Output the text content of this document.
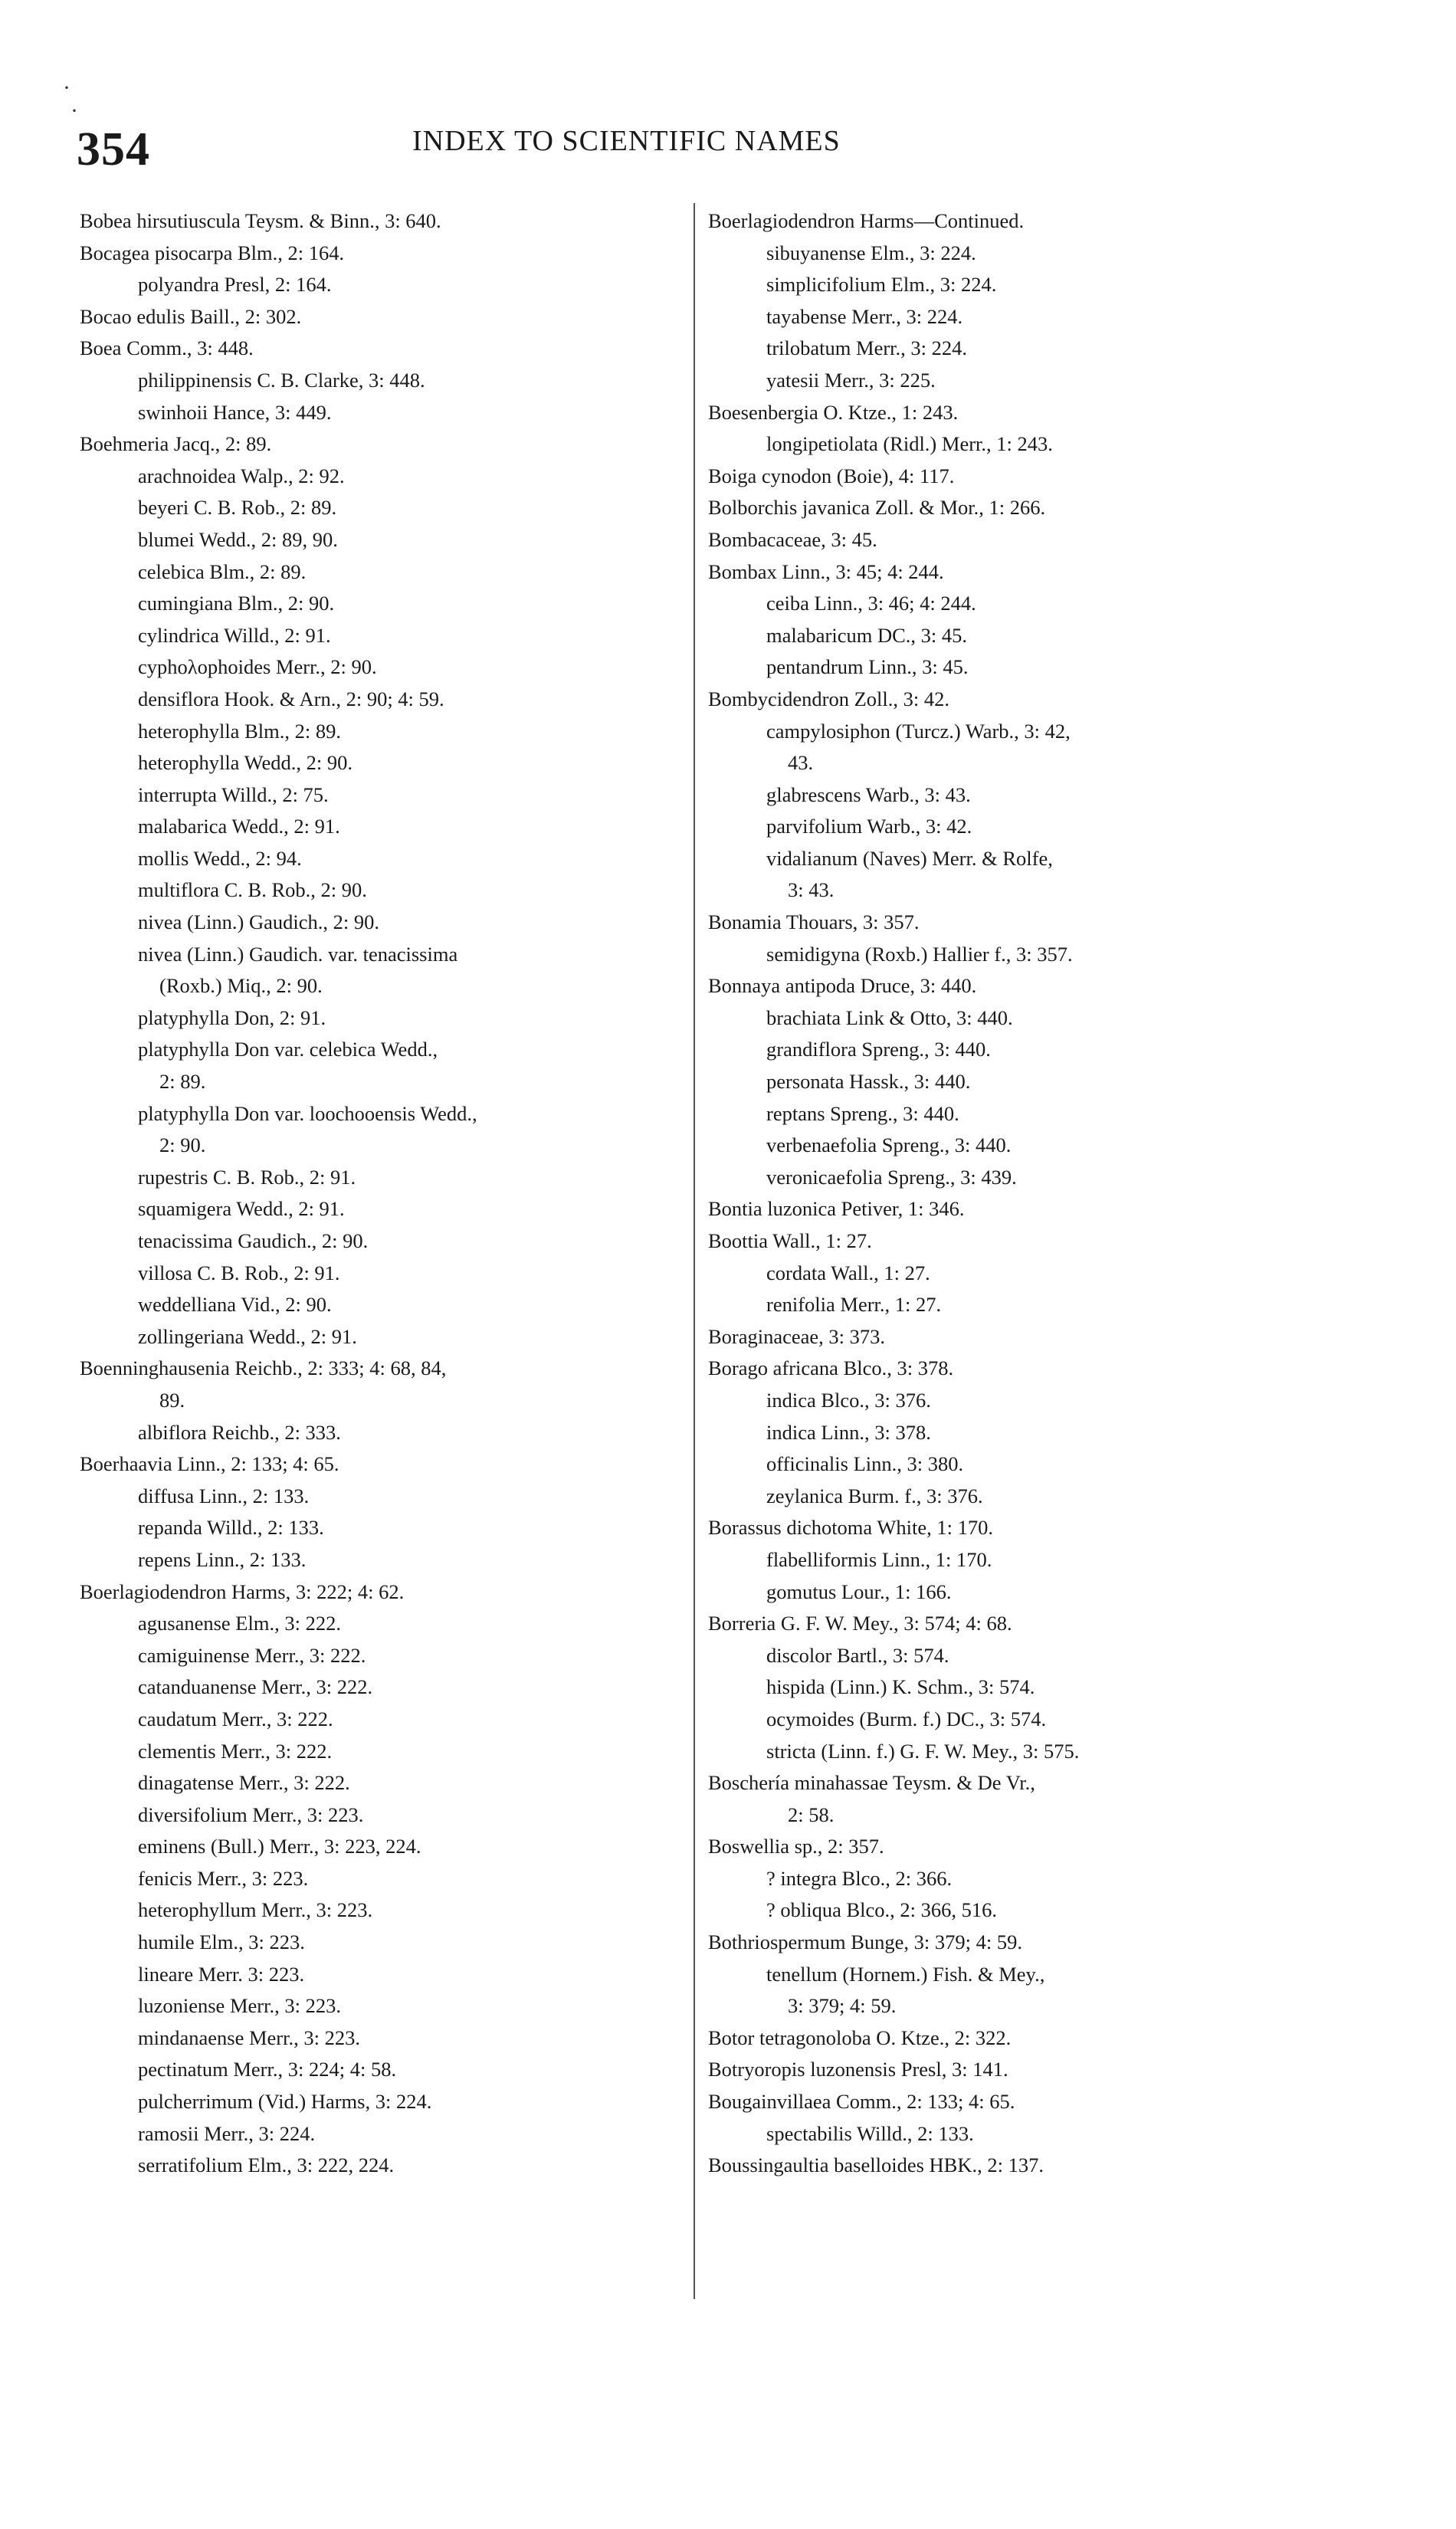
354	INDEX TO SCIENTIFIC NAMES
·
·
Bobea hirsutiuscula Teysm. & Binn., 3: 640.
Bocagea pisocarpa Blm., 2: 164.
polyandra Presl, 2: 164.
Bocao edulis Baill., 2: 302.
Boea Comm., 3: 448.
philippinensis C. B. Clarke, 3: 448.
swinhoii Hance, 3: 449.
Boehmeria Jacq., 2: 89.
arachnoidea Walp., 2: 92.
beyeri C. B. Rob., 2: 89.
blumei Wedd., 2: 89, 90.
celebica Blm., 2: 89.
cumingiana Blm., 2: 90.
cylindrica Willd., 2: 91.
cyphολophoides Merr., 2: 90.
densiflora Hook. & Arn., 2: 90; 4: 59.
heterophylla Blm., 2: 89.
heterophylla Wedd., 2: 90.
interrupta Willd., 2: 75.
malabarica Wedd., 2: 91.
mollis Wedd., 2: 94.
multiflora C. B. Rob., 2: 90.
nivea (Linn.) Gaudich., 2: 90.
nivea (Linn.) Gaudich. var. tenacissima
(Roxb.) Miq., 2: 90.
platyphylla Don, 2: 91.
platyphylla Don var. celebica Wedd.,
2: 89.
platyphylla Don var. loochooensis Wedd.,
2: 90.
rupestris C. B. Rob., 2: 91.
squamigera Wedd., 2: 91.
tenacissima Gaudich., 2: 90.
villosa C. B. Rob., 2: 91.
weddelliana Vid., 2: 90.
zollingeriana Wedd., 2: 91.
Boenninghausenia Reichb., 2: 333; 4: 68, 84,
89.
albiflora Reichb., 2: 333.
Boerhaavia Linn., 2: 133; 4: 65.
diffusa Linn., 2: 133.
repanda Willd., 2: 133.
repens Linn., 2: 133.
Boerlagiodendron Harms, 3: 222; 4: 62.
agusanense Elm., 3: 222.
camiguinense Merr., 3: 222.
catanduanense Merr., 3: 222.
caudatum Merr., 3: 222.
clementis Merr., 3: 222.
dinagatense Merr., 3: 222.
diversifolium Merr., 3: 223.
eminens (Bull.) Merr., 3: 223, 224.
fenicis Merr., 3: 223.
heterophyllum Merr., 3: 223.
humile Elm., 3: 223.
lineare Merr. 3: 223.
luzoniense Merr., 3: 223.
mindanaense Merr., 3: 223.
pectinatum Merr., 3: 224; 4: 58.
pulcherrimum (Vid.) Harms, 3: 224.
ramosii Merr., 3: 224.
serratifolium Elm., 3: 222, 224.
Boerlagiodendron Harms—Continued.
sibuyanense Elm., 3: 224.
simplicifolium Elm., 3: 224.
tayabense Merr., 3: 224.
trilobatum Merr., 3: 224.
yatesii Merr., 3: 225.
Boesenbergia O. Ktze., 1: 243.
longipetiolata (Ridl.) Merr., 1: 243.
Boiga cynodon (Boie), 4: 117.
Bolborchis javanica Zoll. & Mor., 1: 266.
Bombacaceae, 3: 45.
Bombax Linn., 3: 45; 4: 244.
ceiba Linn., 3: 46; 4: 244.
malabaricum DC., 3: 45.
pentandrum Linn., 3: 45.
Bombycidendron Zoll., 3: 42.
campylosiphon (Turcz.) Warb., 3: 42,
43.
glabrescens Warb., 3: 43.
parvifolium Warb., 3: 42.
vidalianum (Naves) Merr. & Rolfe,
3: 43.
Bonamia Thouars, 3: 357.
semidigyna (Roxb.) Hallier f., 3: 357.
Bonnaya antipoda Druce, 3: 440.
brachiata Link & Otto, 3: 440.
grandiflora Spreng., 3: 440.
personata Hassk., 3: 440.
reptans Spreng., 3: 440.
verbenaefolia Spreng., 3: 440.
veronicaefolia Spreng., 3: 439.
Bontia luzonica Petiver, 1: 346.
Boottia Wall., 1: 27.
cordata Wall., 1: 27.
renifolia Merr., 1: 27.
Boraginaceae, 3: 373.
Borago africana Blco., 3: 378.
indica Blco., 3: 376.
indica Linn., 3: 378.
officinalis Linn., 3: 380.
zeylanica Burm. f., 3: 376.
Borassus dichotoma White, 1: 170.
flabelliformis Linn., 1: 170.
gomutus Lour., 1: 166.
Borreria G. F. W. Mey., 3: 574; 4: 68.
discolor Bartl., 3: 574.
hispida (Linn.) K. Schm., 3: 574.
ocymoides (Burm. f.) DC., 3: 574.
stricta (Linn. f.) G. F. W. Mey., 3: 575.
Boschería minahassae Teysm. & De Vr.,
2: 58.
Boswellia sp., 2: 357.
? integra Blco., 2: 366.
? obliqua Blco., 2: 366, 516.
Bothriospermum Bunge, 3: 379; 4: 59.
tenellum (Hornem.) Fish. & Mey.,
3: 379; 4: 59.
Botor tetragonoloba O. Ktze., 2: 322.
Botryoropis luzonensis Presl, 3: 141.
Bougainvillaea Comm., 2: 133; 4: 65.
spectabilis Willd., 2: 133.
Boussingaultia baselloides HBK., 2: 137.
